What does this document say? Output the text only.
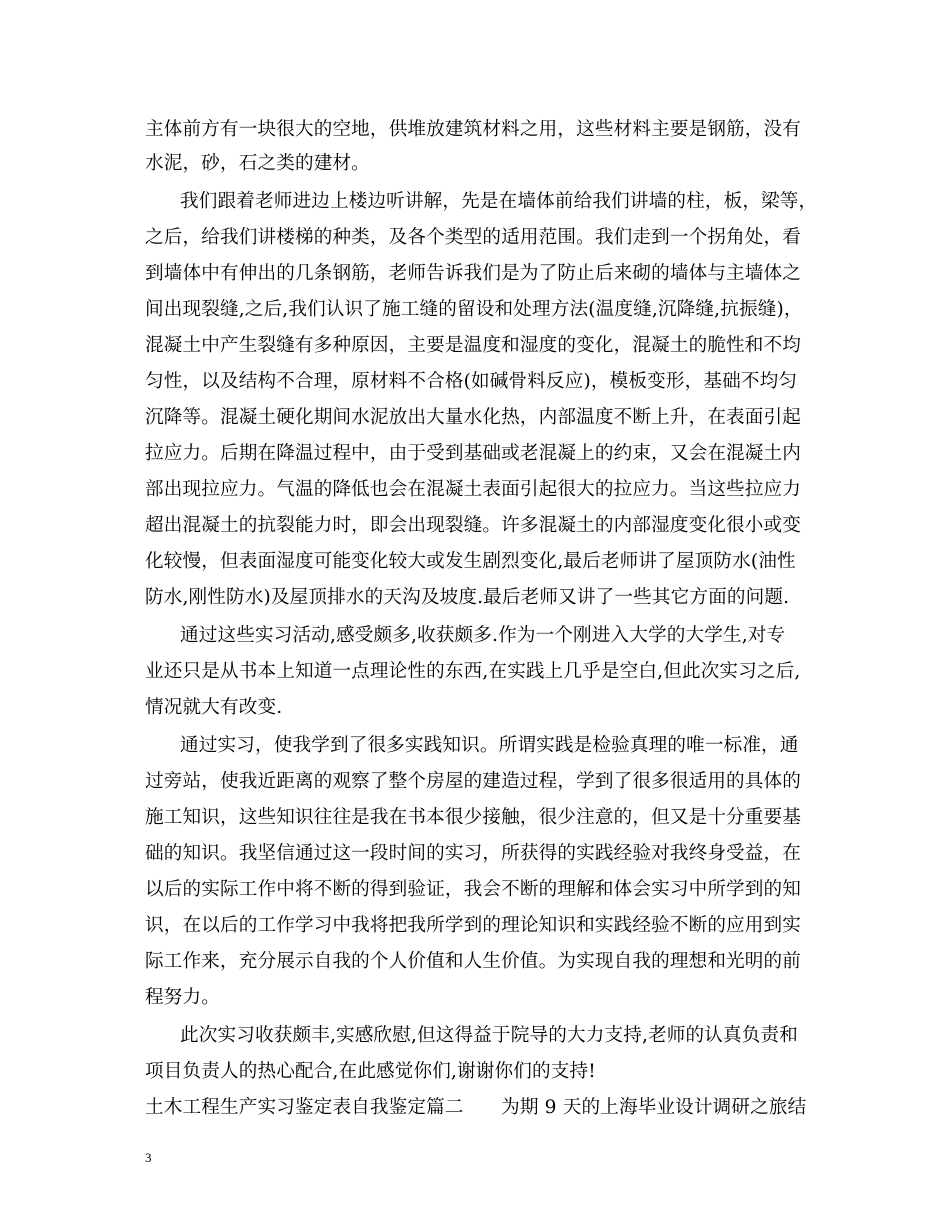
主体前方有一块很大的空地，供堆放建筑材料之用，这些材料主要是钢筋，没有
水泥，砂，石之类的建材。
我们跟着老师进边上楼边听讲解，先是在墙体前给我们讲墙的柱，板，梁等，
之后，给我们讲楼梯的种类，及各个类型的适用范围。我们走到一个拐角处，看
到墙体中有伸出的几条钢筋，老师告诉我们是为了防止后来砌的墙体与主墙体之
间出现裂缝,之后,我们认识了施工缝的留设和处理方法(温度缝,沉降缝,抗振缝)，
混凝土中产生裂缝有多种原因，主要是温度和湿度的变化，混凝土的脆性和不均
匀性，以及结构不合理，原材料不合格(如碱骨料反应)，模板变形，基础不均匀
沉降等。混凝土硬化期间水泥放出大量水化热，内部温度不断上升，在表面引起
拉应力。后期在降温过程中，由于受到基础或老混凝上的约束，又会在混凝土内
部出现拉应力。气温的降低也会在混凝土表面引起很大的拉应力。当这些拉应力
超出混凝土的抗裂能力时，即会出现裂缝。许多混凝土的内部湿度变化很小或变
化较慢，但表面湿度可能变化较大或发生剧烈变化,最后老师讲了屋顶防水(油性
防水,刚性防水)及屋顶排水的天沟及坡度.最后老师又讲了一些其它方面的问题.
通过这些实习活动,感受颇多,收获颇多.作为一个刚进入大学的大学生,对专
业还只是从书本上知道一点理论性的东西,在实践上几乎是空白,但此次实习之后,
情况就大有改变.
通过实习，使我学到了很多实践知识。所谓实践是检验真理的唯一标准，通
过旁站，使我近距离的观察了整个房屋的建造过程，学到了很多很适用的具体的
施工知识，这些知识往往是我在书本很少接触，很少注意的，但又是十分重要基
础的知识。我坚信通过这一段时间的实习，所获得的实践经验对我终身受益，在
以后的实际工作中将不断的得到验证，我会不断的理解和体会实习中所学到的知
识，在以后的工作学习中我将把我所学到的理论知识和实践经验不断的应用到实
际工作来，充分展示自我的个人价值和人生价值。为实现自我的理想和光明的前
程努力。
此次实习收获颇丰,实感欣慰,但这得益于院导的大力支持,老师的认真负责和
项目负责人的热心配合,在此感觉你们,谢谢你们的支持!
土木工程生产实习鉴定表自我鉴定篇二　　为期 9 天的上海毕业设计调研之旅结
3
